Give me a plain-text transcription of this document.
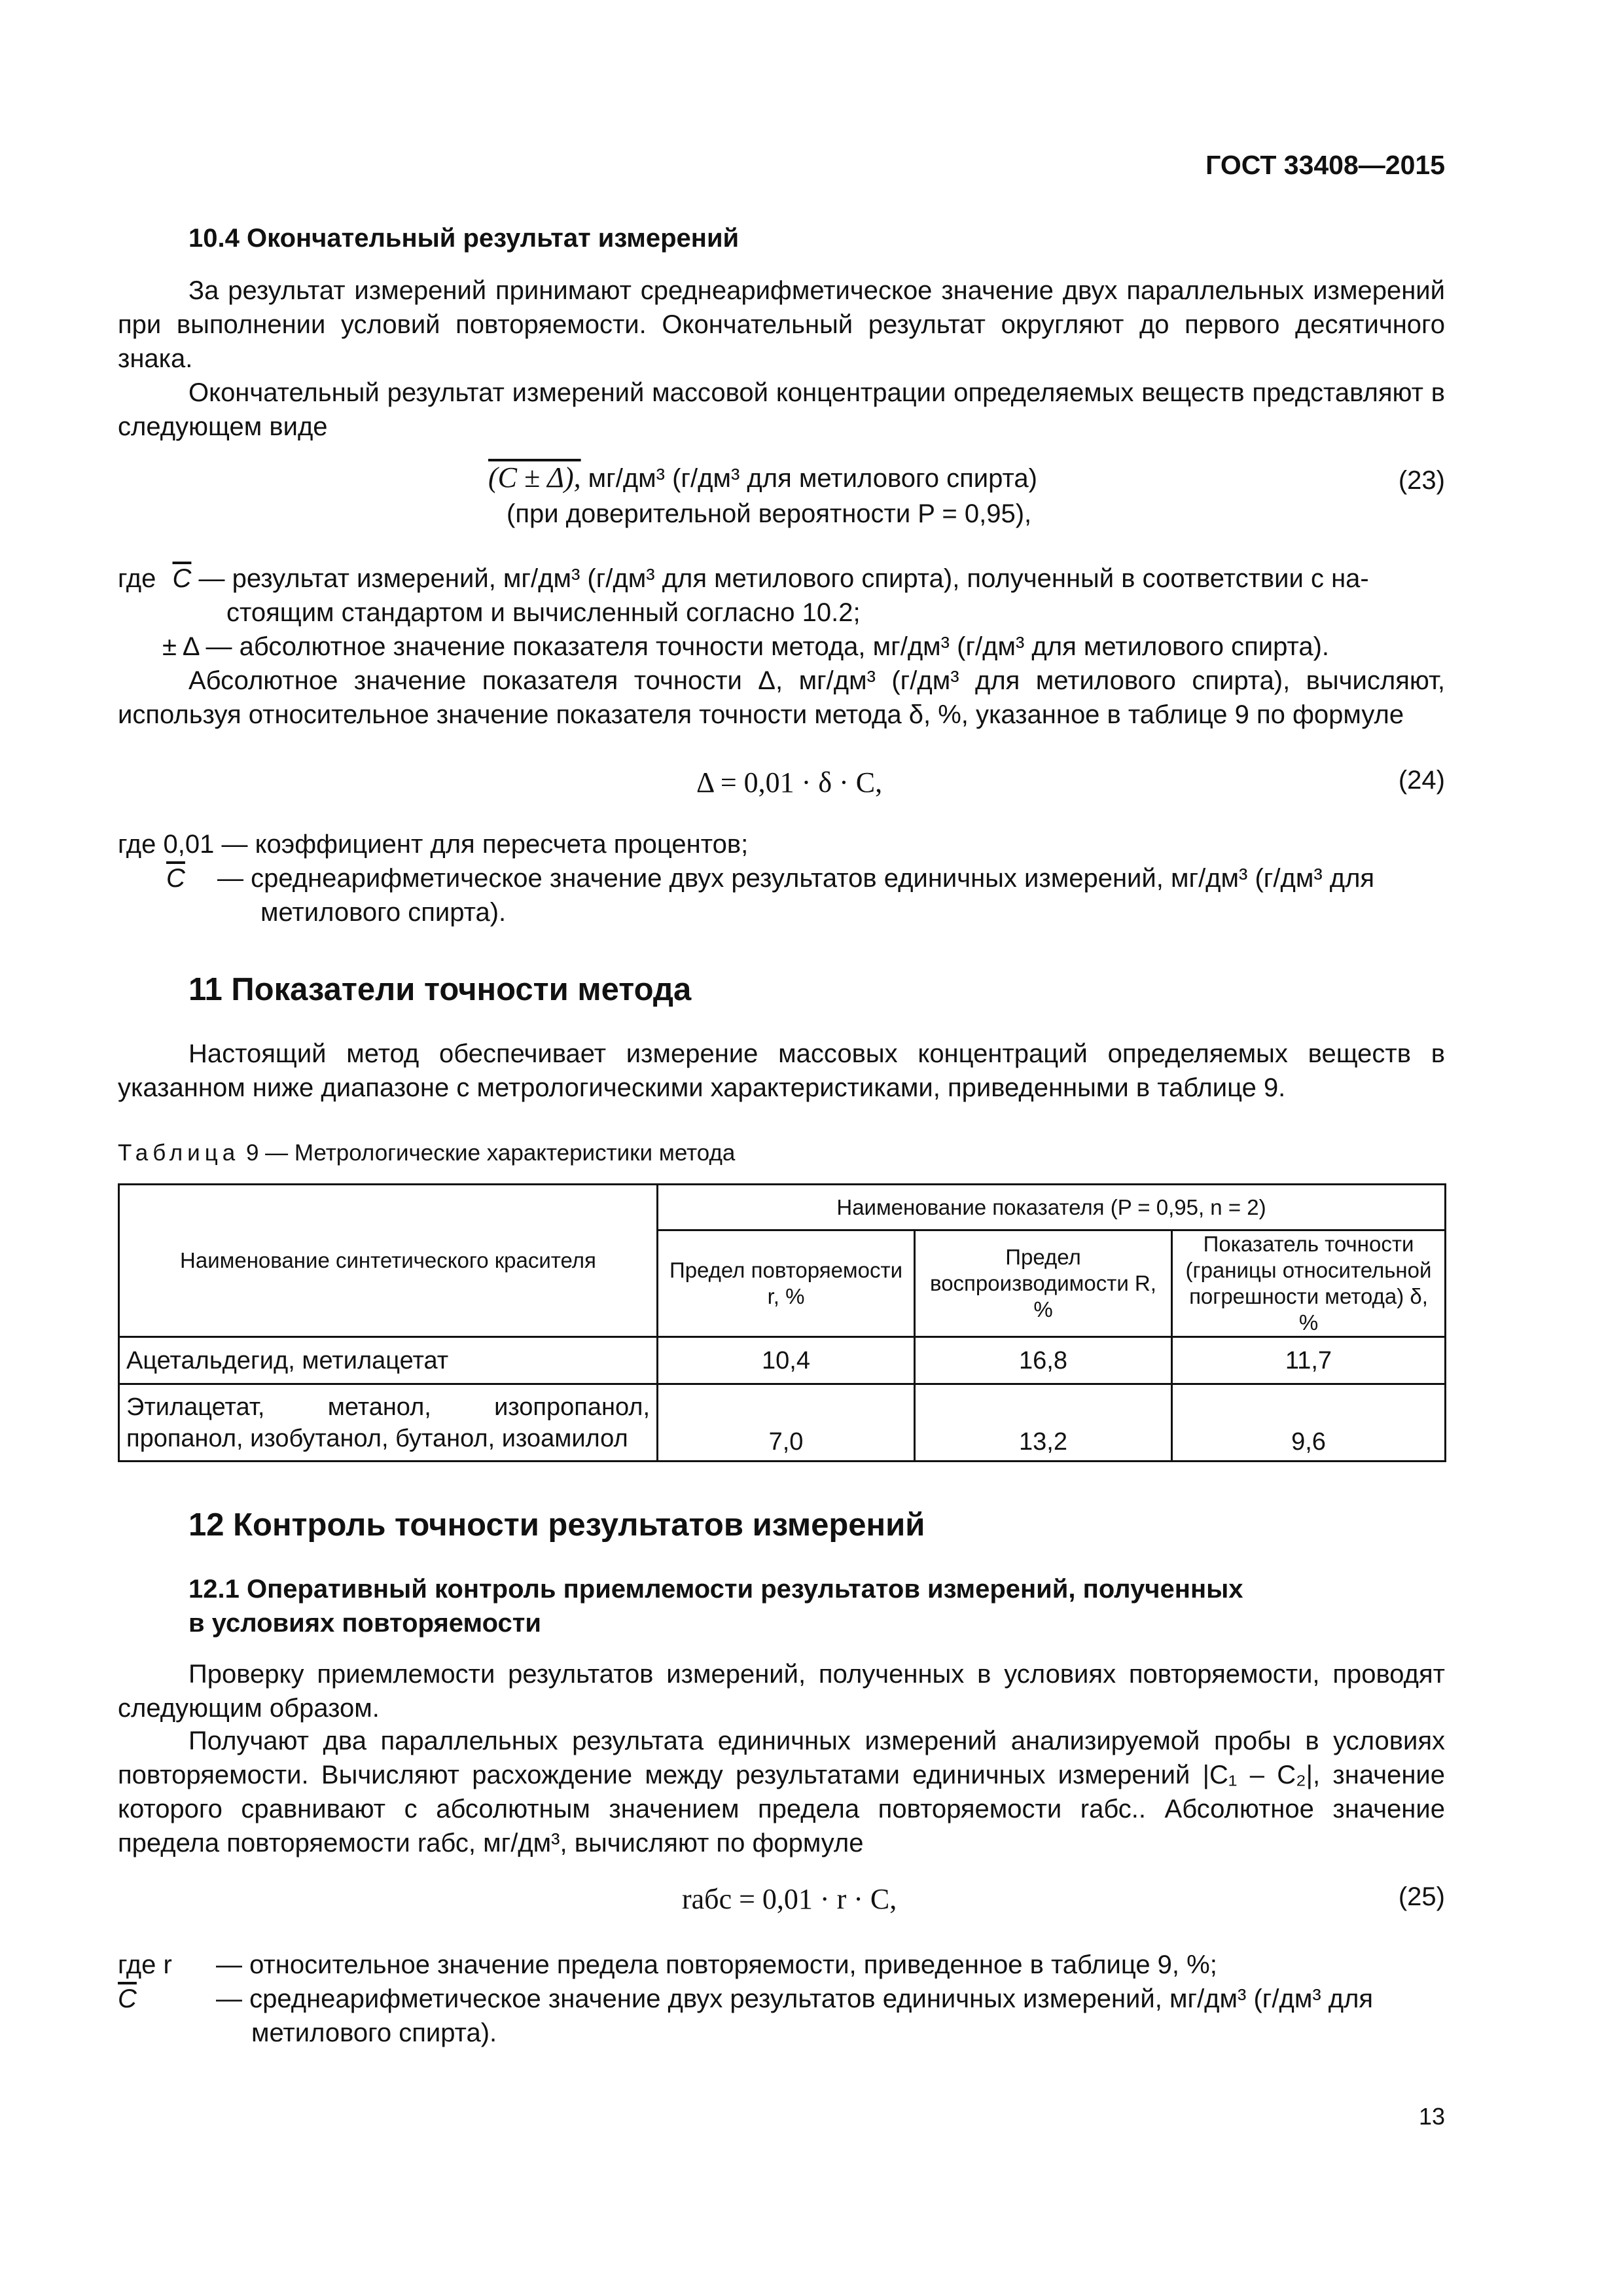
ГОСТ 33408—2015
10.4 Окончательный результат измерений
За результат измерений принимают среднеарифметическое значение двух параллельных измерений при выполнении условий повторяемости. Окончательный результат округляют до первого десятичного знака.
Окончательный результат измерений массовой концентрации определяемых веществ представляют в следующем виде
(C ± Δ), мг/дм³ (г/дм³ для метилового спирта)
(при доверительной вероятности P = 0,95),
(23)
где $\overline{C}$ — результат измерений, мг/дм³ (г/дм³ для метилового спирта), полученный в соответствии с на-
стоящим стандартом и вычисленный согласно 10.2;
± Δ — абсолютное значение показателя точности метода, мг/дм³ (г/дм³ для метилового спирта).
Абсолютное значение показателя точности Δ, мг/дм³ (г/дм³ для метилового спирта), вычисляют, используя относительное значение показателя точности метода δ, %, указанное в таблице 9 по формуле
Δ = 0,01 · δ · C,	(24)
где 0,01 — коэффициент для пересчета процентов;
$\overline{C}$ — среднеарифметическое значение двух результатов единичных измерений, мг/дм³ (г/дм³ для
метилового спирта).
11 Показатели точности метода
Настоящий метод обеспечивает измерение массовых концентраций определяемых веществ в указанном ниже диапазоне с метрологическими характеристиками, приведенными в таблице 9.
Таблица 9 — Метрологические характеристики метода
Наименование синтетического красителя	Наименование показателя (P = 0,95, n = 2)		
	Предел повторяемости r, %	Предел воспроизводимости R, %	Показатель точности (границы относительной погрешности метода) δ, %
Ацетальдегид, метилацетат	10,4	16,8	11,7
Этилацетат, метанол, изопропанол, пропанол, изобутанол, бутанол, изоамилол	7,0	13,2	9,6
12 Контроль точности результатов измерений
12.1 Оперативный контроль приемлемости результатов измерений, полученных
в условиях повторяемости
Проверку приемлемости результатов измерений, полученных в условиях повторяемости, проводят следующим образом.
Получают два параллельных результата единичных измерений анализируемой пробы в условиях повторяемости. Вычисляют расхождение между результатами единичных измерений |C₁ – C₂|, значение которого сравнивают с абсолютным значением предела повторяемости rабс.. Абсолютное значение предела повторяемости rабс, мг/дм³, вычисляют по формуле
rабс = 0,01 · r · C,	(25)
где r — относительное значение предела повторяемости, приведенное в таблице 9, %;
$\overline{C}$	— среднеарифметическое значение двух результатов единичных измерений, мг/дм³ (г/дм³ для
метилового спирта).
13
